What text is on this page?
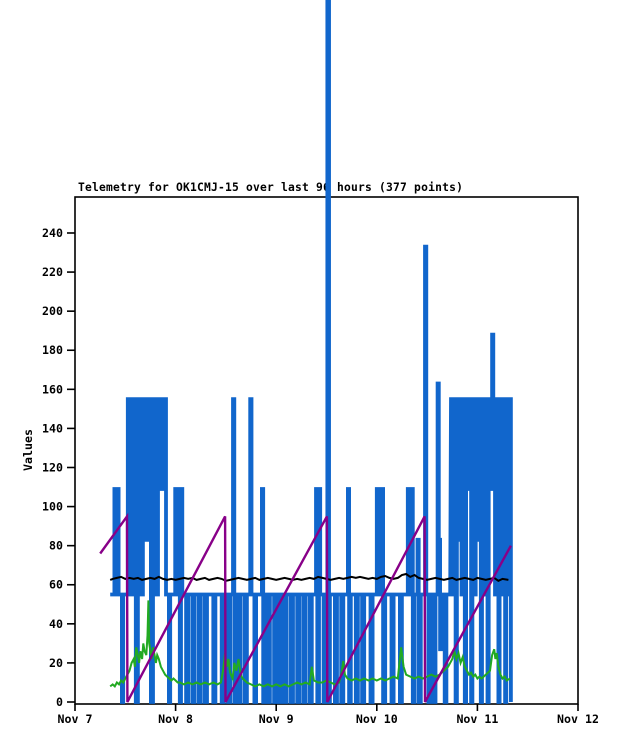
Telemetry for OK1CMJ-15 over last 96 hours (377 points)
Values
0
20
40
60
80
100
120
140
160
180
200
220
240
Nov 7	Nov 8	Nov 9	Nov 10	Nov 11	Nov 12
